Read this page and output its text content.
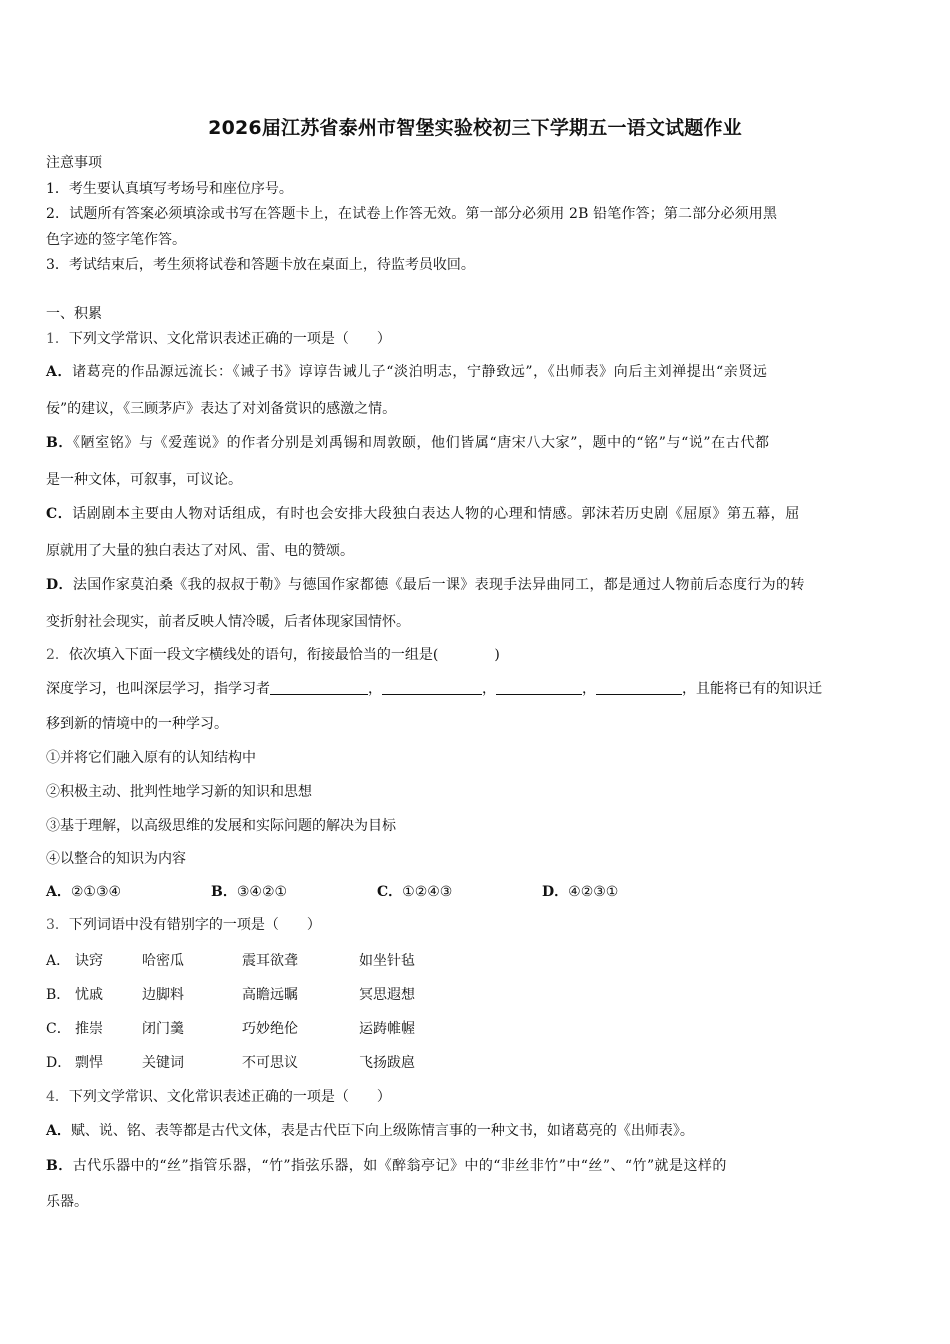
2026届江苏省泰州市智堡实验校初三下学期五一语文试题作业
注意事项
1．考生要认真填写考场号和座位序号。
2．试题所有答案必须填涂或书写在答题卡上，在试卷上作答无效。第一部分必须用 2B 铅笔作答；第二部分必须用黑
色字迹的签字笔作答。
3．考试结束后，考生须将试卷和答题卡放在桌面上，待监考员收回。
一、积累
1．下列文学常识、文化常识表述正确的一项是（　　）
A．诸葛亮的作品源远流长：《诫子书》谆谆告诫儿子“淡泊明志，宁静致远”，《出师表》向后主刘禅提出“亲贤远
佞”的建议，《三顾茅庐》表达了对刘备赏识的感激之情。
B．《陋室铭》与《爱莲说》的作者分别是刘禹锡和周敦颐，他们皆属“唐宋八大家”，题中的“铭”与“说”在古代都
是一种文体，可叙事，可议论。
C．话剧剧本主要由人物对话组成，有时也会安排大段独白表达人物的心理和情感。郭沫若历史剧《屈原》第五幕，屈
原就用了大量的独白表达了对风、雷、电的赞颂。
D．法国作家莫泊桑《我的叔叔于勒》与德国作家都德《最后一课》表现手法异曲同工，都是通过人物前后态度行为的转
变折射社会现实，前者反映人情冷暖，后者体现家国情怀。
2．依次填入下面一段文字横线处的语句，衔接最恰当的一组是(　　　　)
深度学习，也叫深层学习，指学习者	，	，	，	，且能将已有的知识迁
移到新的情境中的一种学习。
①并将它们融入原有的认知结构中
②积极主动、批判性地学习新的知识和思想
③基于理解，以高级思维的发展和实际问题的解决为目标
④以整合的知识为内容
A．②①③④	B．③④②①	C．①②④③	D．④②③①
3．下列词语中没有错别字的一项是（　　）
A． 诀窍	哈密瓜	震耳欲聋	如坐针毡
B． 忧戚	边脚料	高瞻远瞩	冥思遐想
C． 推崇	闭门羹	巧妙绝伦	运踌帷幄
D． 剽悍	关键词	不可思议	飞扬跋扈
4．下列文学常识、文化常识表述正确的一项是（　　）
A．赋、说、铭、表等都是古代文体，表是古代臣下向上级陈情言事的一种文书，如诸葛亮的《出师表》。
B．古代乐器中的“丝”指管乐器，“竹”指弦乐器，如《醉翁亭记》中的“非丝非竹”中“丝”、“竹”就是这样的
乐器。
